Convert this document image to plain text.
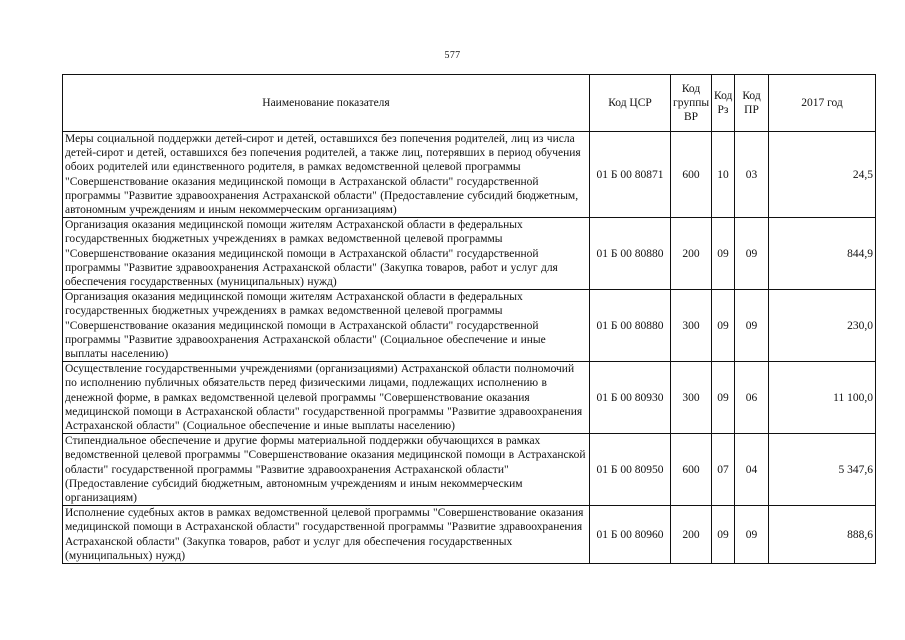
577
Наименование показателя	Код ЦСР	Код группы ВР	Код Рз	Код ПР	2017 год
Меры социальной поддержки детей-сирот и детей, оставшихся без попечения родителей, лиц из числа детей-сирот и детей, оставшихся без попечения родителей, а также лиц, потерявших в период обучения обоих родителей или единственного родителя, в рамках ведомственной целевой программы "Совершенствование оказания медицинской помощи в Астраханской области" государственной программы "Развитие здравоохранения Астраханской области" (Предоставление субсидий бюджетным, автономным учреждениям и иным некоммерческим организациям)	01 Б 00 80871	600	10	03	24,5
Организация оказания медицинской помощи жителям Астраханской области в федеральных государственных бюджетных учреждениях в рамках ведомственной целевой программы "Совершенствование оказания медицинской помощи в Астраханской области" государственной программы "Развитие здравоохранения Астраханской области" (Закупка товаров, работ и услуг для обеспечения государственных (муниципальных) нужд)	01 Б 00 80880	200	09	09	844,9
Организация оказания медицинской помощи жителям Астраханской области в федеральных государственных бюджетных учреждениях в рамках ведомственной целевой программы "Совершенствование оказания медицинской помощи в Астраханской области" государственной программы "Развитие здравоохранения Астраханской области" (Социальное обеспечение и иные выплаты населению)	01 Б 00 80880	300	09	09	230,0
Осуществление государственными учреждениями (организациями) Астраханской области полномочий по исполнению публичных обязательств перед физическими лицами, подлежащих исполнению в денежной форме, в рамках ведомственной целевой программы "Совершенствование оказания медицинской помощи в Астраханской области" государственной программы "Развитие здравоохранения Астраханской области" (Социальное обеспечение и иные выплаты населению)	01 Б 00 80930	300	09	06	11 100,0
Стипендиальное обеспечение и другие формы материальной поддержки обучающихся в рамках ведомственной целевой программы "Совершенствование оказания медицинской помощи в Астраханской области" государственной программы "Развитие здравоохранения Астраханской области" (Предоставление субсидий бюджетным, автономным учреждениям и иным некоммерческим организациям)	01 Б 00 80950	600	07	04	5 347,6
Исполнение судебных актов в рамках ведомственной целевой программы "Совершенствование оказания медицинской помощи в Астраханской области" государственной программы "Развитие здравоохранения Астраханской области" (Закупка товаров, работ и услуг для обеспечения государственных (муниципальных) нужд)	01 Б 00 80960	200	09	09	888,6
